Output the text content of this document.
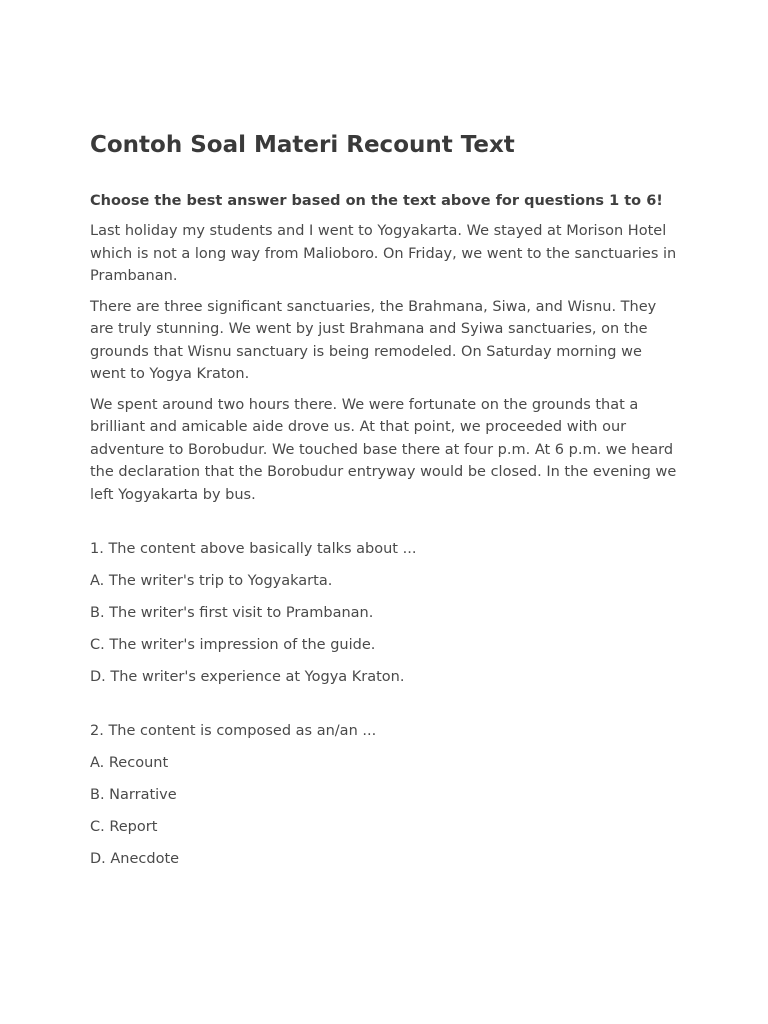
Contoh Soal Materi Recount Text
Choose the best answer based on the text above for questions 1 to 6!

Last holiday my students and I went to Yogyakarta. We stayed at Morison Hotel which is not a long way from Malioboro. On Friday, we went to the sanctuaries in Prambanan.

There are three significant sanctuaries, the Brahmana, Siwa, and Wisnu. They are truly stunning. We went by just Brahmana and Syiwa sanctuaries, on the grounds that Wisnu sanctuary is being remodeled. On Saturday morning we went to Yogya Kraton.

We spent around two hours there. We were fortunate on the grounds that a brilliant and amicable aide drove us. At that point, we proceeded with our adventure to Borobudur. We touched base there at four p.m. At 6 p.m. we heard the declaration that the Borobudur entryway would be closed. In the evening we left Yogyakarta by bus.

1. The content above basically talks about ...
A. The writer's trip to Yogyakarta.
B. The writer's first visit to Prambanan.
C. The writer's impression of the guide.
D. The writer's experience at Yogya Kraton.
2. The content is composed as an/an ...
A. Recount
B. Narrative
C. Report
D. Anecdote
